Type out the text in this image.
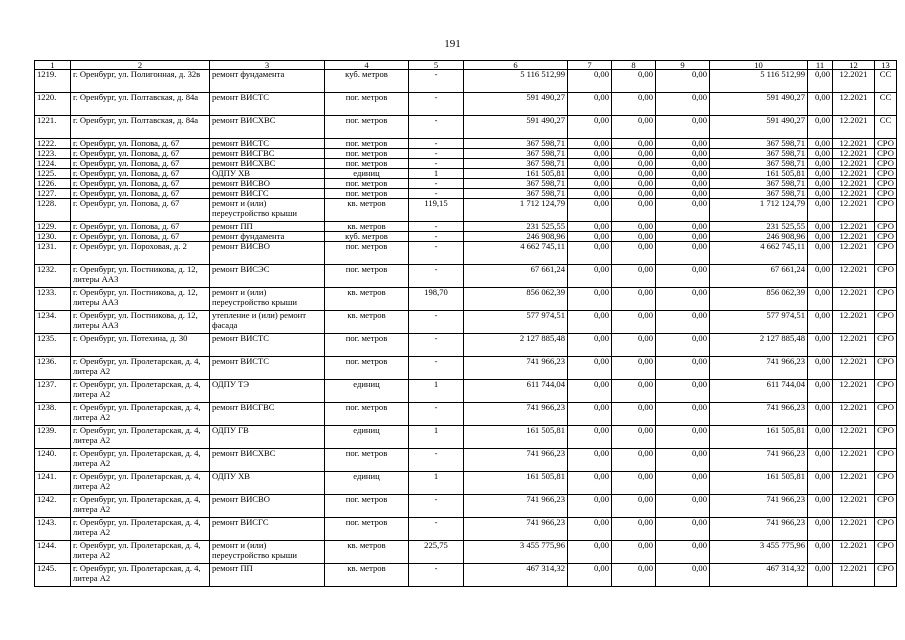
191
1	2	3	4	5	6	7	8	9	10	11	12	13
1219.	г. Оренбург, ул. Полигонная, д. 32в	ремонт фундамента	куб. метров	-	5 116 512,99	0,00	0,00	0,00	5 116 512,99	0,00	12.2021	СС
1220.	г. Оренбург, ул. Полтавская, д. 84а	ремонт ВИСТС	пог. метров	-	591 490,27	0,00	0,00	0,00	591 490,27	0,00	12.2021	СС
1221.	г. Оренбург, ул. Полтавская, д. 84а	ремонт ВИСХВС	пог. метров	-	591 490,27	0,00	0,00	0,00	591 490,27	0,00	12.2021	СС
1222.	г. Оренбург, ул. Попова, д. 67	ремонт ВИСТС	пог. метров	-	367 598,71	0,00	0,00	0,00	367 598,71	0,00	12.2021	СРО
1223.	г. Оренбург, ул. Попова, д. 67	ремонт ВИСГВС	пог. метров	-	367 598,71	0,00	0,00	0,00	367 598,71	0,00	12.2021	СРО
1224.	г. Оренбург, ул. Попова, д. 67	ремонт ВИСХВС	пог. метров	-	367 598,71	0,00	0,00	0,00	367 598,71	0,00	12.2021	СРО
1225.	г. Оренбург, ул. Попова, д. 67	ОДПУ ХВ	единиц	1	161 505,81	0,00	0,00	0,00	161 505,81	0,00	12.2021	СРО
1226.	г. Оренбург, ул. Попова, д. 67	ремонт ВИСВО	пог. метров	-	367 598,71	0,00	0,00	0,00	367 598,71	0,00	12.2021	СРО
1227.	г. Оренбург, ул. Попова, д. 67	ремонт ВИСГС	пог. метров	-	367 598,71	0,00	0,00	0,00	367 598,71	0,00	12.2021	СРО
1228.	г. Оренбург, ул. Попова, д. 67	ремонт и (или) переустройство крыши	кв. метров	119,15	1 712 124,79	0,00	0,00	0,00	1 712 124,79	0,00	12.2021	СРО
1229.	г. Оренбург, ул. Попова, д. 67	ремонт ПП	кв. метров	-	231 525,55	0,00	0,00	0,00	231 525,55	0,00	12.2021	СРО
1230.	г. Оренбург, ул. Попова, д. 67	ремонт фундамента	куб. метров	-	246 908,96	0,00	0,00	0,00	246 908,96	0,00	12.2021	СРО
1231.	г. Оренбург, ул. Пороховая, д. 2	ремонт ВИСВО	пог. метров	-	4 662 745,11	0,00	0,00	0,00	4 662 745,11	0,00	12.2021	СРО
1232.	г. Оренбург, ул. Постникова, д. 12, литеры АА3	ремонт ВИСЭС	пог. метров	-	67 661,24	0,00	0,00	0,00	67 661,24	0,00	12.2021	СРО
1233.	г. Оренбург, ул. Постникова, д. 12, литеры АА3	ремонт и (или) переустройство крыши	кв. метров	198,70	856 062,39	0,00	0,00	0,00	856 062,39	0,00	12.2021	СРО
1234.	г. Оренбург, ул. Постникова, д. 12, литеры АА3	утепление и (или) ремонт фасада	кв. метров	-	577 974,51	0,00	0,00	0,00	577 974,51	0,00	12.2021	СРО
1235.	г. Оренбург, ул. Потехина, д. 30	ремонт ВИСТС	пог. метров	-	2 127 885,48	0,00	0,00	0,00	2 127 885,48	0,00	12.2021	СРО
1236.	г. Оренбург, ул. Пролетарская, д. 4, литера А2	ремонт ВИСТС	пог. метров	-	741 966,23	0,00	0,00	0,00	741 966,23	0,00	12.2021	СРО
1237.	г. Оренбург, ул. Пролетарская, д. 4, литера А2	ОДПУ ТЭ	единиц	1	611 744,04	0,00	0,00	0,00	611 744,04	0,00	12.2021	СРО
1238.	г. Оренбург, ул. Пролетарская, д. 4, литера А2	ремонт ВИСГВС	пог. метров	-	741 966,23	0,00	0,00	0,00	741 966,23	0,00	12.2021	СРО
1239.	г. Оренбург, ул. Пролетарская, д. 4, литера А2	ОДПУ ГВ	единиц	1	161 505,81	0,00	0,00	0,00	161 505,81	0,00	12.2021	СРО
1240.	г. Оренбург, ул. Пролетарская, д. 4, литера А2	ремонт ВИСХВС	пог. метров	-	741 966,23	0,00	0,00	0,00	741 966,23	0,00	12.2021	СРО
1241.	г. Оренбург, ул. Пролетарская, д. 4, литера А2	ОДПУ ХВ	единиц	1	161 505,81	0,00	0,00	0,00	161 505,81	0,00	12.2021	СРО
1242.	г. Оренбург, ул. Пролетарская, д. 4, литера А2	ремонт ВИСВО	пог. метров	-	741 966,23	0,00	0,00	0,00	741 966,23	0,00	12.2021	СРО
1243.	г. Оренбург, ул. Пролетарская, д. 4, литера А2	ремонт ВИСГС	пог. метров	-	741 966,23	0,00	0,00	0,00	741 966,23	0,00	12.2021	СРО
1244.	г. Оренбург, ул. Пролетарская, д. 4, литера А2	ремонт и (или) переустройство крыши	кв. метров	225,75	3 455 775,96	0,00	0,00	0,00	3 455 775,96	0,00	12.2021	СРО
1245.	г. Оренбург, ул. Пролетарская, д. 4, литера А2	ремонт ПП	кв. метров	-	467 314,32	0,00	0,00	0,00	467 314,32	0,00	12.2021	СРО
